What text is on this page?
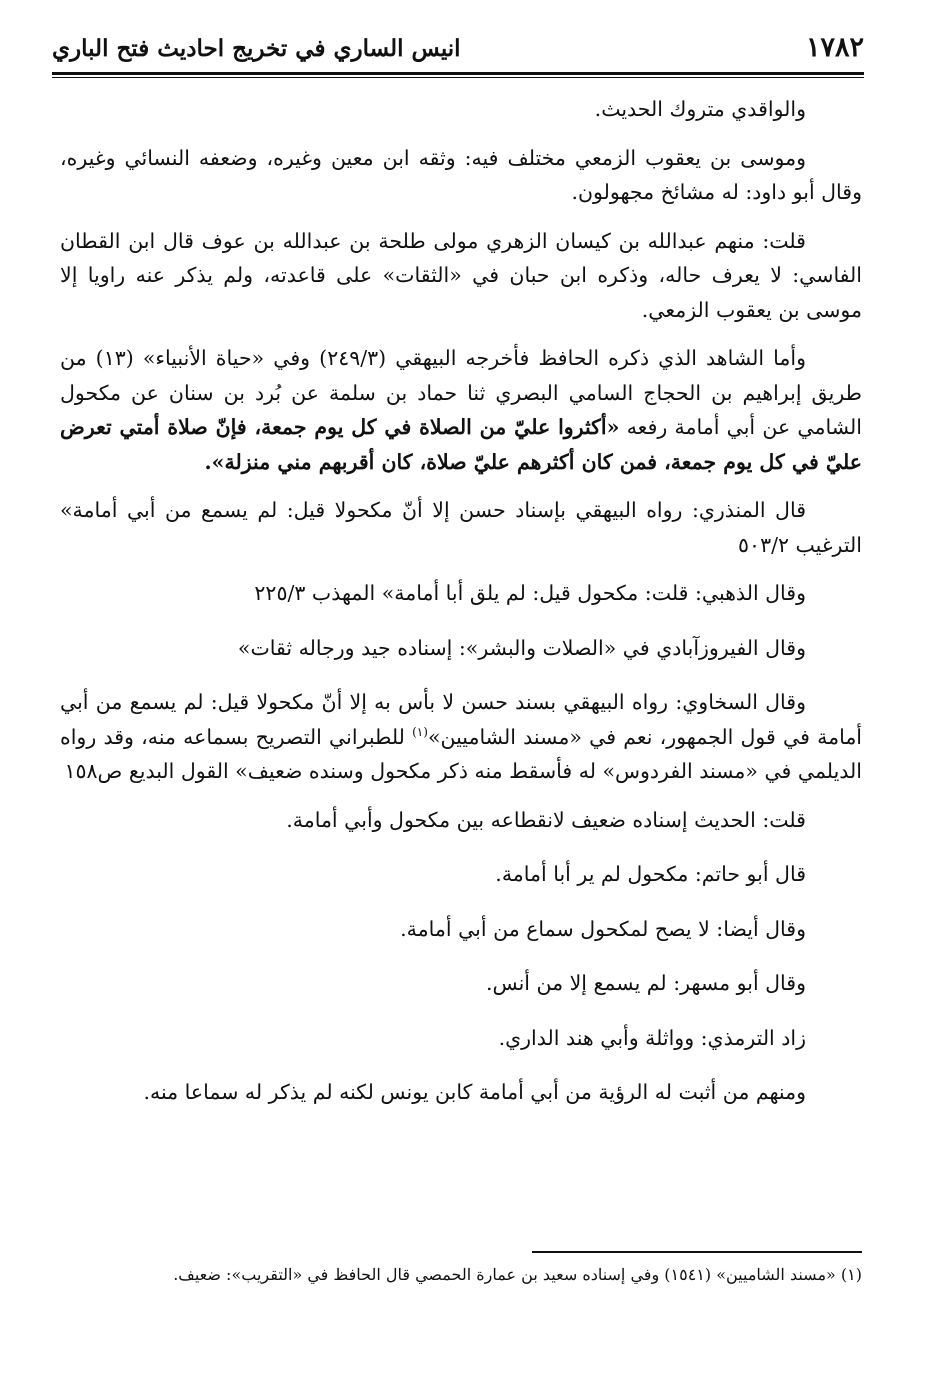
١٧٨٢
انيس الساري في تخريج احاديث فتح الباري

والواقدي متروك الحديث.

وموسى بن يعقوب الزمعي مختلف فيه: وثقه ابن معين وغيره، وضعفه النسائي وغيره، وقال أبو داود: له مشائخ مجهولون.

قلت: منهم عبدالله بن كيسان الزهري مولى طلحة بن عبدالله بن عوف قال ابن القطان الفاسي: لا يعرف حاله، وذكره ابن حبان في «الثقات» على قاعدته، ولم يذكر عنه راويا إلا موسى بن يعقوب الزمعي.

وأما الشاهد الذي ذكره الحافظ فأخرجه البيهقي (٢٤٩/٣) وفي «حياة الأنبياء» (١٣) من طريق إبراهيم بن الحجاج السامي البصري ثنا حماد بن سلمة عن بُرد بن سنان عن مكحول الشامي عن أبي أمامة رفعه «أكثروا عليّ من الصلاة في كل يوم جمعة، فإنّ صلاة أمتي تعرض عليّ في كل يوم جمعة، فمن كان أكثرهم عليّ صلاة، كان أقربهم مني منزلة».

قال المنذري: رواه البيهقي بإسناد حسن إلا أنّ مكحولا قيل: لم يسمع من أبي أمامة» الترغيب ٥٠٣/٢

وقال الذهبي: قلت: مكحول قيل: لم يلق أبا أمامة» المهذب ٢٢٥/٣

وقال الفيروزآبادي في «الصلات والبشر»: إسناده جيد ورجاله ثقات»

وقال السخاوي: رواه البيهقي بسند حسن لا بأس به إلا أنّ مكحولا قيل: لم يسمع من أبي أمامة في قول الجمهور، نعم في «مسند الشاميين»$^{(١)}$ للطبراني التصريح بسماعه منه، وقد رواه الديلمي في «مسند الفردوس» له فأسقط منه ذكر مكحول وسنده ضعيف» القول البديع ص١٥٨

قلت: الحديث إسناده ضعيف لانقطاعه بين مكحول وأبي أمامة.

قال أبو حاتم: مكحول لم ير أبا أمامة.

وقال أيضا: لا يصح لمكحول سماع من أبي أمامة.

وقال أبو مسهر: لم يسمع إلا من أنس.

زاد الترمذي: وواثلة وأبي هند الداري.

ومنهم من أثبت له الرؤية من أبي أمامة كابن يونس لكنه لم يذكر له سماعا منه.

(١) «مسند الشاميين» (١٥٤١) وفي إسناده سعيد بن عمارة الحمصي قال الحافظ في «التقريب»: ضعيف.
